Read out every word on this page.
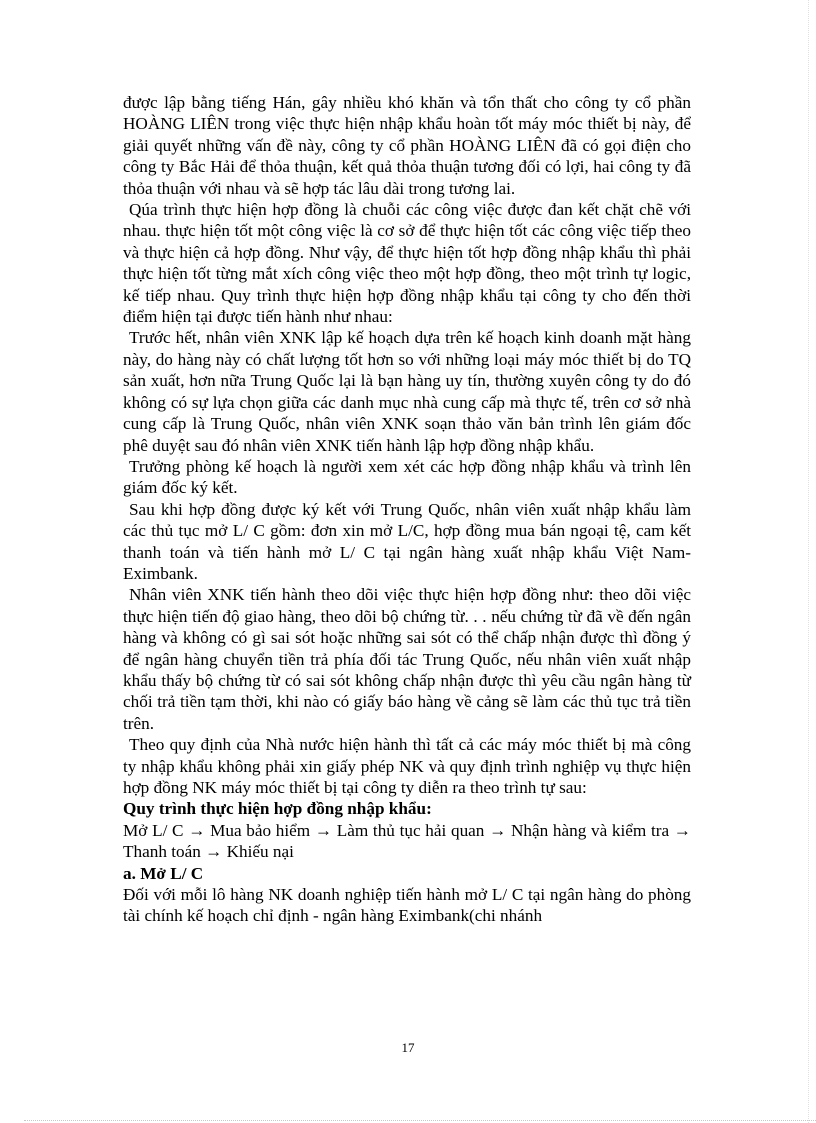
được lập bằng tiếng Hán, gây nhiều khó khăn và tổn thất cho công ty cổ phần HOÀNG LIÊN trong việc thực hiện nhập khẩu hoàn tốt máy móc thiết bị này, để giải quyết những vấn đề này, công ty cổ phần HOÀNG LIÊN đã có gọi điện cho công ty Bắc Hải để thỏa thuận, kết quả thỏa thuận tương đối có lợi, hai công ty đã thỏa thuận với nhau và sẽ hợp tác lâu dài trong tương lai.

Qúa trình thực hiện hợp đồng là chuỗi các công việc được đan kết chặt chẽ với nhau. thực hiện tốt một công việc là cơ sở để thực hiện tốt các công việc tiếp theo và thực hiện cả hợp đồng. Như vậy, để thực hiện tốt hợp đồng nhập khẩu thì phải thực hiện tốt từng mắt xích công việc theo một hợp đồng, theo một trình tự logic, kế tiếp nhau. Quy trình thực hiện hợp đồng nhập khẩu tại công ty cho đến thời điểm hiện tại được tiến hành như nhau:

Trước hết, nhân viên XNK lập kế hoạch dựa trên kế hoạch kinh doanh mặt hàng này, do hàng này có chất lượng tốt hơn so với những loại máy móc thiết bị do TQ sản xuất, hơn nữa Trung Quốc lại là bạn hàng uy tín, thường xuyên công ty do đó không có sự lựa chọn giữa các danh mục nhà cung cấp mà thực tế, trên cơ sở nhà cung cấp là Trung Quốc, nhân viên XNK soạn thảo văn bản trình lên giám đốc phê duyệt sau đó nhân viên XNK tiến hành lập hợp đồng nhập khẩu.

Trưởng phòng kế hoạch là người xem xét các hợp đồng nhập khẩu và trình lên giám đốc ký kết.

Sau khi hợp đồng được ký kết với Trung Quốc, nhân viên xuất nhập khẩu làm các thủ tục mở L/ C gồm: đơn xin mở L/C, hợp đồng mua bán ngoại tệ, cam kết thanh toán và tiến hành mở L/ C tại ngân hàng xuất nhập khẩu Việt Nam-Eximbank.

Nhân viên XNK tiến hành theo dõi việc thực hiện hợp đồng như: theo dõi việc thực hiện tiến độ giao hàng, theo dõi bộ chứng từ. . . nếu chứng từ đã về đến ngân hàng và không có gì sai sót hoặc những sai sót có thể chấp nhận được thì đồng ý để ngân hàng chuyển tiền trả phía đối tác Trung Quốc, nếu nhân viên xuất nhập khẩu thấy bộ chứng từ có sai sót không chấp nhận được thì yêu cầu ngân hàng từ chối trả tiền tạm thời, khi nào có giấy báo hàng về cảng sẽ làm các thủ tục trả tiền trên.

Theo quy định của Nhà nước hiện hành thì tất cả các máy móc thiết bị mà công ty nhập khẩu không phải xin giấy phép NK và quy định trình nghiệp vụ thực hiện hợp đồng NK máy móc thiết bị tại công ty diễn ra theo trình tự sau:

Quy trình thực hiện hợp đồng nhập khẩu:

Mở L/ C → Mua bảo hiểm → Làm thủ tục hải quan → Nhận hàng và kiểm tra → Thanh toán → Khiếu nại

a. Mở L/ C

Đối với mỗi lô hàng NK doanh nghiệp tiến hành mở L/ C tại ngân hàng do phòng tài chính kế hoạch chỉ định - ngân hàng Eximbank(chi nhánh

17
